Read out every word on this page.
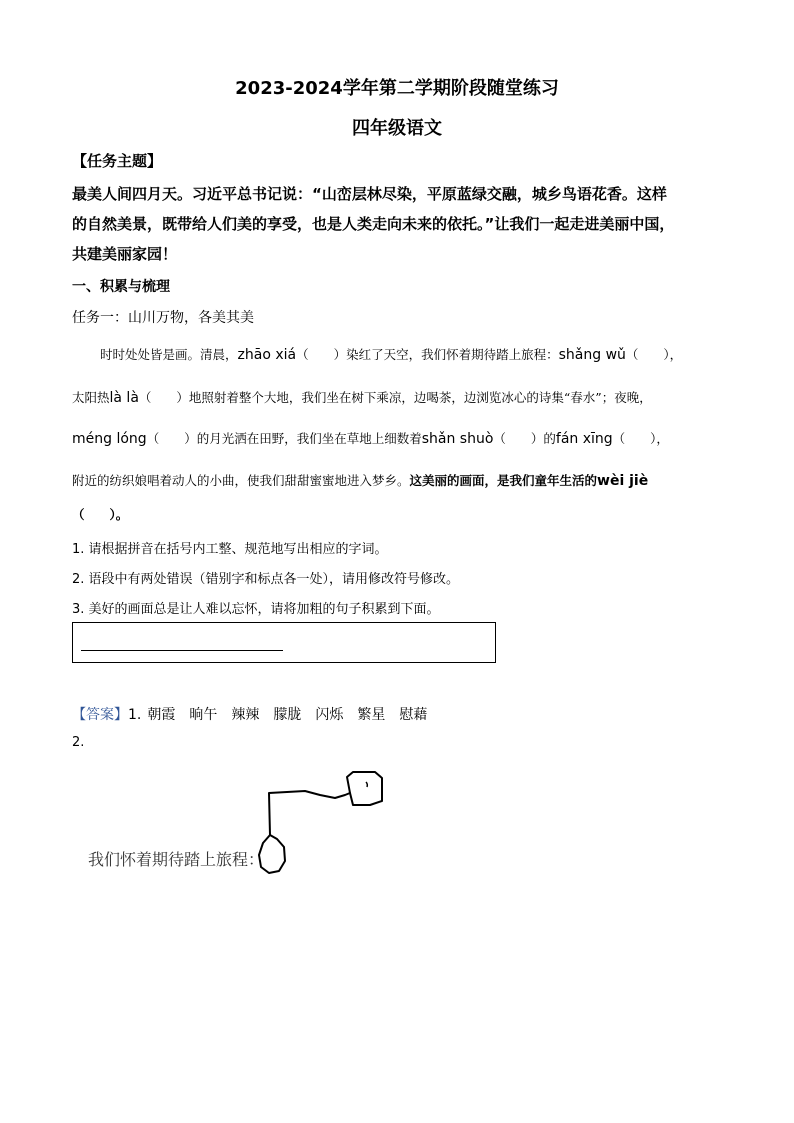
2023-2024学年第二学期阶段随堂练习
四年级语文
【任务主题】
最美人间四月天。习近平总书记说：“山峦层林尽染，平原蓝绿交融，城乡鸟语花香。这样
的自然美景，既带给人们美的享受，也是人类走向未来的依托。”让我们一起走进美丽中国，
共建美丽家园！
一、积累与梳理
任务一：山川万物，各美其美
时时处处皆是画。清晨，zhāo xiá（　　）染红了天空，我们怀着期待踏上旅程：shǎng wǔ（　　），
太阳热là là（　　）地照射着整个大地，我们坐在树下乘凉，边喝茶，边浏览冰心的诗集“春水”；夜晚，
méng lóng（　　）的月光洒在田野，我们坐在草地上细数着shǎn shuò（　　）的fán xīng（　　），
附近的纺织娘唱着动人的小曲，使我们甜甜蜜蜜地进入梦乡。这美丽的画面，是我们童年生活的wèi jiè
（　　）。
1. 请根据拼音在括号内工整、规范地写出相应的字词。
2. 语段中有两处错误（错别字和标点各一处），请用修改符号修改。
3. 美好的画面总是让人难以忘怀，请将加粗的句子积累到下面。
【答案】1. 朝霞 晌午 辣辣 朦胧 闪烁 繁星 慰藉
2.
我们怀着期待踏上旅程：
